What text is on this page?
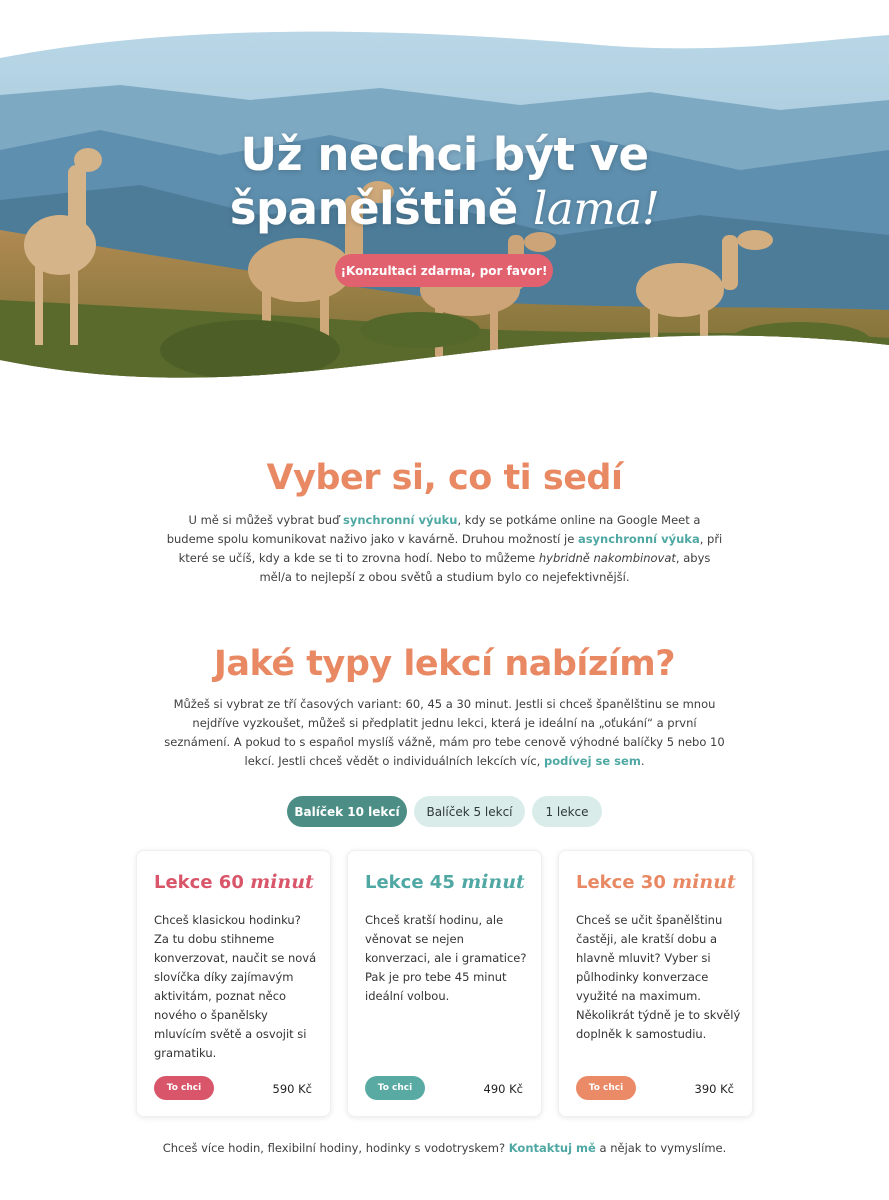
Už nechci být ve
španělštině lama!
¡Konzultaci zdarma, por favor!
Vyber si, co ti sedí

U mě si můžeš vybrat buď synchronní výuku, kdy se potkáme online na Google Meet a budeme spolu komunikovat naživo jako v kavárně. Druhou možností je asynchronní výuka, při které se učíš, kdy a kde se ti to zrovna hodí. Nebo to můžeme hybridně nakombinovat, abys měl/a to nejlepší z obou světů a studium bylo co nejefektivnější.

Jaké typy lekcí nabízím?

Můžeš si vybrat ze tří časových variant: 60, 45 a 30 minut. Jestli si chceš španělštinu se mnou nejdříve vyzkoušet, můžeš si předplatit jednu lekci, která je ideální na „oťukání“ a první seznámení. A pokud to s español myslíš vážně, mám pro tebe cenově výhodné balíčky 5 nebo 10 lekcí. Jestli chceš vědět o individuálních lekcích víc, podívej se sem.

Balíček 10 lekcí	Balíček 5 lekcí	1 lekce
Lekce 60 minut
Chceš klasickou hodinku? Za tu dobu stihneme konverzovat, naučit se nová slovíčka díky zajímavým aktivitám, poznat něco nového o španělsky mluvícím světě a osvojit si gramatiku.
To chci	590 Kč
Lekce 45 minut
Chceš kratší hodinu, ale věnovat se nejen konverzaci, ale i gramatice? Pak je pro tebe 45 minut ideální volbou.
To chci	490 Kč
Lekce 30 minut
Chceš se učit španělštinu častěji, ale kratší dobu a hlavně mluvit? Vyber si půlhodinky konverzace využité na maximum. Několikrát týdně je to skvělý doplněk k samostudiu.
To chci	390 Kč

Chceš více hodin, flexibilní hodiny, hodinky s vodotryskem? Kontaktuj mě a nějak to vymyslíme.
